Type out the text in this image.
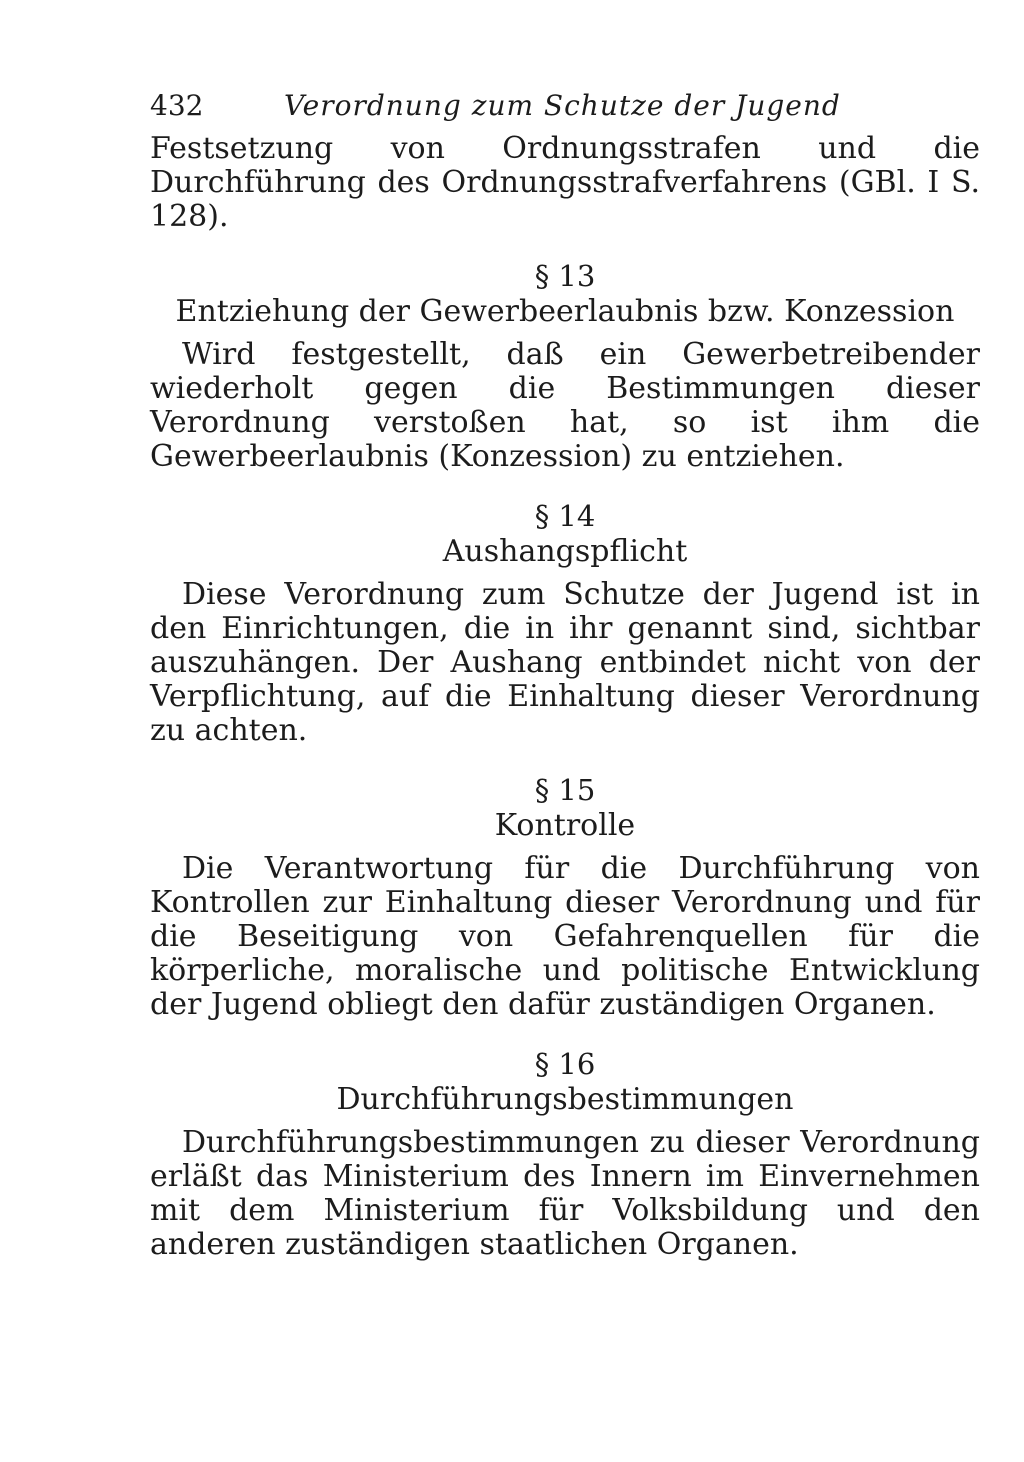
432	Verordnung zum Schutze der Jugend

Festsetzung von Ordnungsstrafen und die Durchführung des Ordnungsstrafverfahrens (GBl. I S. 128).

§ 13
Entziehung der Gewerbeerlaubnis bzw. Konzession

Wird festgestellt, daß ein Gewerbetreibender wiederholt gegen die Bestimmungen dieser Verordnung verstoßen hat, so ist ihm die Gewerbeerlaubnis (Konzession) zu entziehen.

§ 14
Aushangspflicht

Diese Verordnung zum Schutze der Jugend ist in den Einrichtungen, die in ihr genannt sind, sichtbar auszuhängen. Der Aushang entbindet nicht von der Verpflichtung, auf die Einhaltung dieser Verordnung zu achten.

§ 15
Kontrolle

Die Verantwortung für die Durchführung von Kontrollen zur Einhaltung dieser Verordnung und für die Beseitigung von Gefahrenquellen für die körperliche, moralische und politische Entwicklung der Jugend obliegt den dafür zuständigen Organen.

§ 16
Durchführungsbestimmungen

Durchführungsbestimmungen zu dieser Verordnung erläßt das Ministerium des Innern im Einvernehmen mit dem Ministerium für Volksbildung und den anderen zuständigen staatlichen Organen.
